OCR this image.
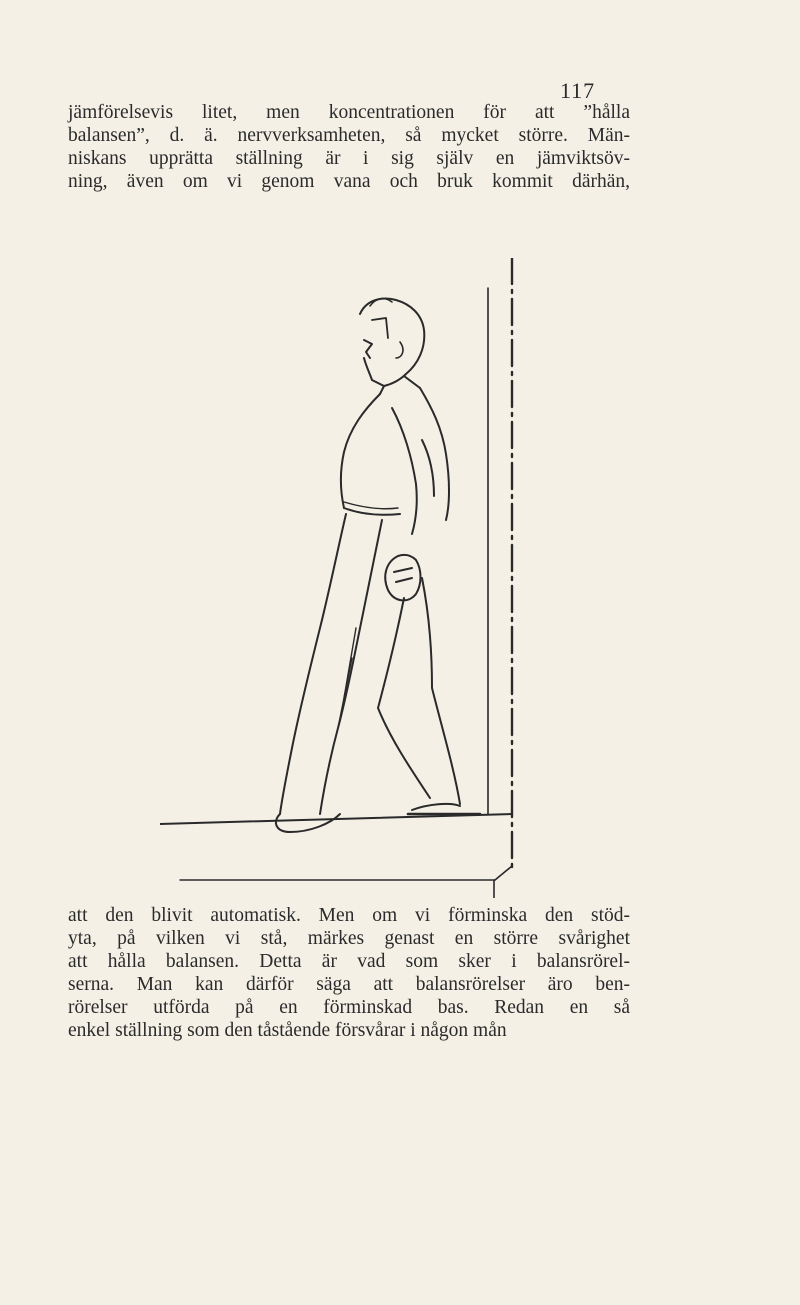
117
jämförelsevis litet, men koncentrationen för att ”hålla
balansen”, d. ä. nervverksamheten, så mycket större. Män-
niskans upprätta ställning är i sig själv en jämviktsöv-
ning, även om vi genom vana och bruk kommit därhän,
att den blivit automatisk. Men om vi förminska den stöd-
yta, på vilken vi stå, märkes genast en större svårighet
att hålla balansen. Detta är vad som sker i balansrörel-
serna. Man kan därför säga att balansrörelser äro ben-
rörelser utförda på en förminskad bas. Redan en så
enkel ställning som den tåstående försvårar i någon mån
